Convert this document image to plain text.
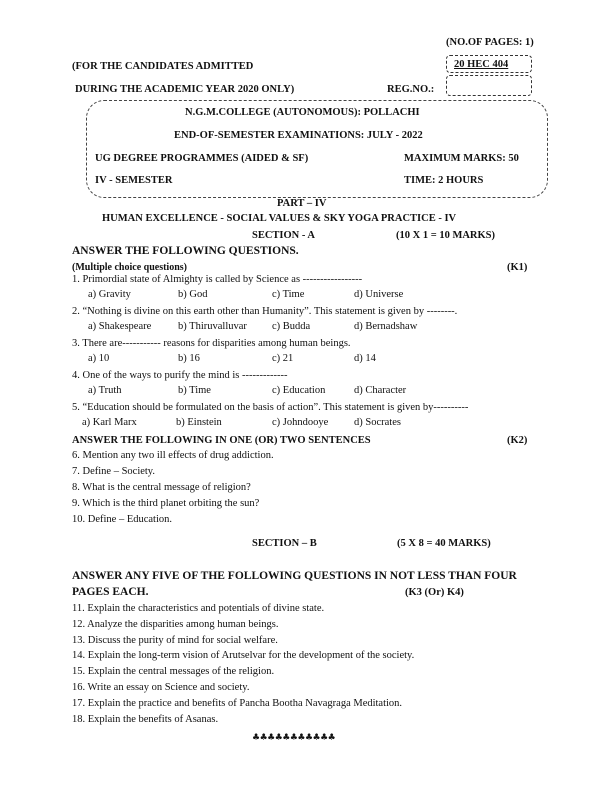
(NO.OF PAGES: 1)
(FOR THE CANDIDATES ADMITTED	20 HEC 404
DURING THE ACADEMIC YEAR 2020 ONLY)	REG.NO.:
N.G.M.COLLEGE (AUTONOMOUS): POLLACHI
END-OF-SEMESTER EXAMINATIONS: JULY - 2022
UG DEGREE PROGRAMMES (AIDED & SF)	MAXIMUM MARKS: 50
IV - SEMESTER	TIME: 2 HOURS
PART – IV
HUMAN EXCELLENCE - SOCIAL VALUES & SKY YOGA PRACTICE - IV
SECTION - A	(10 X 1 = 10 MARKS)
ANSWER THE FOLLOWING QUESTIONS.
(Multiple choice questions)	(K1)
1. Primordial state of Almighty is called by Science as -----------------
a) Gravity	b) God	c) Time	d) Universe
2. “Nothing is divine on this earth other than Humanity”. This statement is given by --------.
a) Shakespeare	b) Thiruvalluvar c) Budda	d) Bernadshaw
3. There are----------- reasons for disparities among human beings.
a) 10	b) 16	c) 21	d) 14
4. One of the ways to purify the mind is -------------
a) Truth	b) Time	c) Education	d) Character
5. “Education should be formulated on the basis of action”. This statement is given by----------
a) Karl Marx	b) Einstein	c) Johndooye d) Socrates
ANSWER THE FOLLOWING IN ONE (OR) TWO SENTENCES	(K2)
6. Mention any two ill effects of drug addiction.
7. Define – Society.
8. What is the central message of religion?
9. Which is the third planet orbiting the sun?
10. Define – Education.
SECTION – B	(5 X 8 = 40 MARKS)
ANSWER ANY FIVE OF THE FOLLOWING QUESTIONS IN NOT LESS THAN FOUR
PAGES EACH.	(K3 (Or) K4)
11. Explain the characteristics and potentials of divine state.
12. Analyze the disparities among human beings.
13. Discuss the purity of mind for social welfare.
14. Explain the long-term vision of Arutselvar for the development of the society.
15. Explain the central messages of the religion.
16. Write an essay on Science and society.
17. Explain the practice and benefits of Pancha Bootha Navagraga Meditation.
18. Explain the benefits of Asanas.
♣♣♣♣♣♣♣♣♣♣♣
